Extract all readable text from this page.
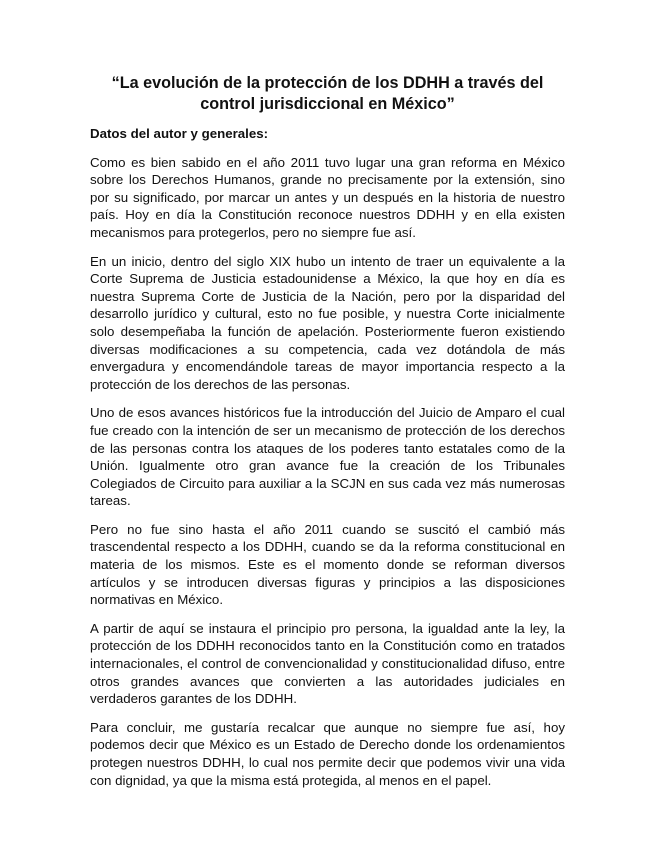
“La evolución de la protección de los DDHH a través del control jurisdiccional en México”
Datos del autor y generales:

Como es bien sabido en el año 2011 tuvo lugar una gran reforma en México sobre los Derechos Humanos, grande no precisamente por la extensión, sino por su significado, por marcar un antes y un después en la historia de nuestro país. Hoy en día la Constitución reconoce nuestros DDHH y en ella existen mecanismos para protegerlos, pero no siempre fue así.

En un inicio, dentro del siglo XIX hubo un intento de traer un equivalente a la Corte Suprema de Justicia estadounidense a México, la que hoy en día es nuestra Suprema Corte de Justicia de la Nación, pero por la disparidad del desarrollo jurídico y cultural, esto no fue posible, y nuestra Corte inicialmente solo desempeñaba la función de apelación. Posteriormente fueron existiendo diversas modificaciones a su competencia, cada vez dotándola de más envergadura y encomendándole tareas de mayor importancia respecto a la protección de los derechos de las personas.

Uno de esos avances históricos fue la introducción del Juicio de Amparo el cual fue creado con la intención de ser un mecanismo de protección de los derechos de las personas contra los ataques de los poderes tanto estatales como de la Unión. Igualmente otro gran avance fue la creación de los Tribunales Colegiados de Circuito para auxiliar a la SCJN en sus cada vez más numerosas tareas.

Pero no fue sino hasta el año 2011 cuando se suscitó el cambió más trascendental respecto a los DDHH, cuando se da la reforma constitucional en materia de los mismos. Este es el momento donde se reforman diversos artículos y se introducen diversas figuras y principios a las disposiciones normativas en México.

A partir de aquí se instaura el principio pro persona, la igualdad ante la ley, la protección de los DDHH reconocidos tanto en la Constitución como en tratados internacionales, el control de convencionalidad y constitucionalidad difuso, entre otros grandes avances que convierten a las autoridades judiciales en verdaderos garantes de los DDHH.

Para concluir, me gustaría recalcar que aunque no siempre fue así, hoy podemos decir que México es un Estado de Derecho donde los ordenamientos protegen nuestros DDHH, lo cual nos permite decir que podemos vivir una vida con dignidad, ya que la misma está protegida, al menos en el papel.
